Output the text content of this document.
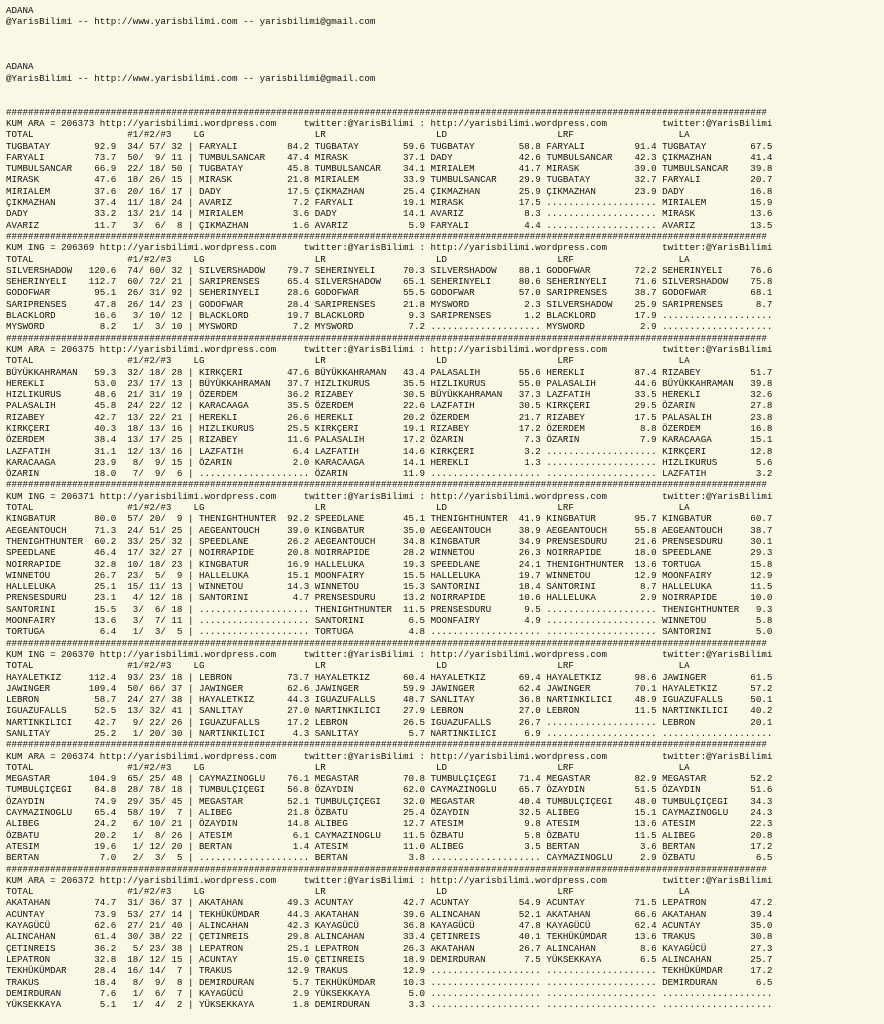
ADANA
@YarisBilimi -- http://www.yarisbilimi.com -- yarisbilimi@gmail.com
ADANA
@YarisBilimi -- http://www.yarisbilimi.com -- yarisbilimi@gmail.com
##########################################################################################################################################
KUM ARA = 206373 http://yarisbilimi.wordpress.com     twitter:@YarisBilimi : http://yarisbilimi.wordpress.com          twitter:@YarisBilimi
TOTAL                 #1/#2/#3    LG                    LR                    LD                    LRF                   LA
TUGBATAY        92.9  34/ 57/ 32 | FARYALI         84.2 TUGBATAY        59.6 TUGBATAY        58.8 FARYALI         91.4 TUGBATAY        67.5
FARYALI         73.7  50/  9/ 11 | TUMBULSANCAR    47.4 MIRASK          37.1 DADY            42.6 TUMBULSANCAR    42.3 ÇIKMAZHAN       41.4
TUMBULSANCAR    66.9  22/ 18/ 50 | TUGBATAY        45.8 TUMBULSANCAR    34.1 MIRIALEM        41.7 MIRASK          39.0 TUMBULSANCAR    39.8
MIRASK          47.6  18/ 26/ 15 | MIRASK          21.8 MIRIALEM        33.9 TUMBULSANCAR    29.9 TUGBATAY        32.7 FARYALI         20.7
MIRIALEM        37.6  20/ 16/ 17 | DADY            17.5 ÇIKMAZHAN       25.4 ÇIKMAZHAN       25.9 ÇIKMAZHAN       23.9 DADY            16.8
ÇIKMAZHAN       37.4  11/ 18/ 24 | AVARIZ           7.2 FARYALI         19.1 MIRASK          17.5 .................... MIRIALEM        15.9
DADY            33.2  13/ 21/ 14 | MIRIALEM         3.6 DADY            14.1 AVARIZ           8.3 .................... MIRASK          13.6
AVARIZ          11.7   3/  6/  8 | ÇIKMAZHAN        1.6 AVARIZ           5.9 FARYALI          4.4 .................... AVARIZ          13.5
##########################################################################################################################################
KUM ING = 206369 http://yarisbilimi.wordpress.com     twitter:@YarisBilimi : http://yarisbilimi.wordpress.com          twitter:@YarisBilimi
TOTAL                 #1/#2/#3    LG                    LR                    LD                    LRF                   LA
SILVERSHADOW   120.6  74/ 60/ 32 | SILVERSHADOW    79.7 SEHERINYELI     70.3 SILVERSHADOW    88.1 GODOFWAR        72.2 SEHERINYELI     76.6
SEHERINYELI    112.7  60/ 72/ 21 | SARIPRENSES     65.4 SILVERSHADOW    65.1 SEHERINYELI     80.6 SEHERINYELI     71.6 SILVERSHADOW    75.8
GODOFWAR        95.1  26/ 31/ 92 | SEHERINYELI     28.6 GODOFWAR        55.5 GODOFWAR        57.0 SARIPRENSES     38.7 GODOFWAR        68.1
SARIPRENSES     47.8  26/ 14/ 23 | GODOFWAR        28.4 SARIPRENSES     21.8 MYSWORD          2.3 SILVERSHADOW    25.9 SARIPRENSES      8.7
BLACKLORD       16.6   3/ 10/ 12 | BLACKLORD       19.7 BLACKLORD        9.3 SARIPRENSES      1.2 BLACKLORD       17.9 ....................
MYSWORD          8.2   1/  3/ 10 | MYSWORD          7.2 MYSWORD          7.2 .................... MYSWORD          2.9 ....................
##########################################################################################################################################
KUM ARA = 206375 http://yarisbilimi.wordpress.com     twitter:@YarisBilimi : http://yarisbilimi.wordpress.com          twitter:@YarisBilimi
TOTAL                 #1/#2/#3    LG                    LR                    LD                    LRF                   LA
BÜYÜKKAHRAMAN   59.3  32/ 18/ 28 | KIRKÇERI        47.6 BÜYÜKKAHRAMAN   43.4 PALASALIH       55.6 HEREKLI         87.4 RIZABEY         51.7
HEREKLI         53.0  23/ 17/ 13 | BÜYÜKKAHRAMAN   37.7 HIZLIKURUS      35.5 HIZLIKURUS      55.0 PALASALIH       44.6 BÜYÜKKAHRAMAN   39.8
HIZLIKURUS      48.6  21/ 31/ 19 | ÖZERDEM         36.2 RIZABEY         30.5 BÜYÜKKAHRAMAN   37.3 LAZFATIH        33.5 HEREKLI         32.6
PALASALIH       45.8  24/ 22/ 12 | KARACAAGA       35.5 ÖZERDEM         22.6 LAZFATIH        30.5 KIRKÇERI        29.5 ÖZARIN          27.8
RIZABEY         42.7  13/ 22/ 21 | HEREKLI         26.6 HEREKLI         20.2 ÖZERDEM         21.7 RIZABEY         17.5 PALASALIH       23.8
KIRKÇERI        40.3  18/ 13/ 16 | HIZLIKURUS      25.5 KIRKÇERI        19.1 RIZABEY         17.2 ÖZERDEM          8.8 ÖZERDEM         16.8
ÖZERDEM         38.4  13/ 17/ 25 | RIZABEY         11.6 PALASALIH       17.2 ÖZARIN           7.3 ÖZARIN           7.9 KARACAAGA       15.1
LAZFATIH        31.1  12/ 13/ 16 | LAZFATIH         6.4 LAZFATIH        14.6 KIRKÇERI         3.2 .................... KIRKÇERI        12.8
KARACAAGA       23.9   8/  9/ 15 | ÖZARIN           2.0 KARACAAGA       14.1 HEREKLI          1.3 .................... HIZLIKURUS       5.6
ÖZARIN          18.0   7/  9/  6 | .................... ÖZARIN          11.9 .................... .................... LAZFATIH         3.2
##########################################################################################################################################
KUM ING = 206371 http://yarisbilimi.wordpress.com     twitter:@YarisBilimi : http://yarisbilimi.wordpress.com          twitter:@YarisBilimi
TOTAL                 #1/#2/#3    LG                    LR                    LD                    LRF                   LA
KINGBATUR       80.0  57/ 20/  9 | THENIGHTHUNTER  92.2 SPEEDLANE       45.1 THENIGHTHUNTER  41.9 KINGBATUR       95.7 KINGBATUR       60.7
AEGEANTOUCH     71.3  24/ 51/ 25 | AEGEANTOUCH     39.0 KINGBATUR       35.0 AEGEANTOUCH     38.9 AEGEANTOUCH     55.8 AEGEANTOUCH     38.7
THENIGHTHUNTER  60.2  33/ 25/ 32 | SPEEDLANE       26.2 AEGEANTOUCH     34.8 KINGBATUR       34.9 PRENSESDURU     21.6 PRENSESDURU     30.1
SPEEDLANE       46.4  17/ 32/ 27 | NOIRRAPIDE      20.8 NOIRRAPIDE      28.2 WINNETOU        26.3 NOIRRAPIDE      18.0 SPEEDLANE       29.3
NOIRRAPIDE      32.8  10/ 18/ 23 | KINGBATUR       16.9 HALLELUKA       19.3 SPEEDLANE       24.1 THENIGHTHUNTER  13.6 TORTUGA         15.8
WINNETOU        26.7  23/  5/  9 | HALLELUKA       15.1 MOONFAIRY       15.5 HALLELUKA       19.7 WINNETOU        12.9 MOONFAIRY       12.9
HALLELUKA       25.1  15/ 11/ 13 | WINNETOU        14.3 WINNETOU        15.3 SANTORINI       18.4 SANTORINI        8.7 HALLELUKA       11.5
PRENSESDURU     23.1   4/ 12/ 18 | SANTORINI        4.7 PRENSESDURU     13.2 NOIRRAPIDE      10.6 HALLELUKA        2.9 NOIRRAPIDE      10.0
SANTORINI       15.5   3/  6/ 18 | .................... THENIGHTHUNTER  11.5 PRENSESDURU      9.5 .................... THENIGHTHUNTER   9.3
MOONFAIRY       13.6   3/  7/ 11 | .................... SANTORINI        6.5 MOONFAIRY        4.9 .................... WINNETOU         5.8
TORTUGA          6.4   1/  3/  5 | .................... TORTUGA          4.8 .................... .................... SANTORINI        5.0
##########################################################################################################################################
KUM ING = 206370 http://yarisbilimi.wordpress.com     twitter:@YarisBilimi : http://yarisbilimi.wordpress.com          twitter:@YarisBilimi
TOTAL                 #1/#2/#3    LG                    LR                    LD                    LRF                   LA
HAYALETKIZ     112.4  93/ 23/ 18 | LEBRON          73.7 HAYALETKIZ      60.4 HAYALETKIZ      69.4 HAYALETKIZ      98.6 JAWINGER        61.5
JAWINGER       109.4  50/ 66/ 37 | JAWINGER        62.6 JAWINGER        59.9 JAWINGER        62.4 JAWINGER        70.1 HAYALETKIZ      57.2
LEBRON          58.7  24/ 27/ 38 | HAYALETKIZ      44.3 IGUAZUFALLS     48.7 SANLITAY        36.8 NARTINKILICI    48.9 IGUAZUFALLS     50.1
IGUAZUFALLS     52.5  13/ 32/ 41 | SANLITAY        27.0 NARTINKILICI    27.9 LEBRON          27.0 LEBRON          11.5 NARTINKILICI    40.2
NARTINKILICI    42.7   9/ 22/ 26 | IGUAZUFALLS     17.2 LEBRON          26.5 IGUAZUFALLS     26.7 .................... LEBRON          20.1
SANLITAY        25.2   1/ 20/ 30 | NARTINKILICI     4.3 SANLITAY         5.7 NARTINKILICI     6.9 .................... ....................
##########################################################################################################################################
KUM ARA = 206374 http://yarisbilimi.wordpress.com     twitter:@YarisBilimi : http://yarisbilimi.wordpress.com          twitter:@YarisBilimi
TOTAL                 #1/#2/#3    LG                    LR                    LD                    LRF                   LA
MEGASTAR       104.9  65/ 25/ 48 | CAYMAZINOGLU    76.1 MEGASTAR        70.8 TUMBULÇIÇEGI    71.4 MEGASTAR        82.9 MEGASTAR        52.2
TUMBULÇIÇEGI    84.8  28/ 78/ 18 | TUMBULÇIÇEGI    56.8 ÖZAYDIN         62.0 CAYMAZINOGLU    65.7 ÖZAYDIN         51.5 ÖZAYDIN         51.6
ÖZAYDIN         74.9  29/ 35/ 45 | MEGASTAR        52.1 TUMBULÇIÇEGI    32.0 MEGASTAR        40.4 TUMBULÇIÇEGI    48.0 TUMBULÇIÇEGI    34.3
CAYMAZINOGLU    65.4  58/ 19/  7 | ALIBEG          21.8 ÖZBATU          25.4 ÖZAYDIN         32.5 ALIBEG          15.1 CAYMAZINOGLU    24.3
ALIBEG          24.2   6/ 10/ 21 | ÖZAYDIN         14.8 ALIBEG          12.7 ATESIM           9.8 ATESIM          13.6 ATESIM          22.3
ÖZBATU          20.2   1/  8/ 26 | ATESIM           6.1 CAYMAZINOGLU    11.5 ÖZBATU           5.8 ÖZBATU          11.5 ALIBEG          20.8
ATESIM          19.6   1/ 12/ 20 | BERTAN           1.4 ATESIM          11.0 ALIBEG           3.5 BERTAN           3.6 BERTAN          17.2
BERTAN           7.0   2/  3/  5 | .................... BERTAN           3.8 .................... CAYMAZINOGLU     2.9 ÖZBATU           6.5
##########################################################################################################################################
KUM ARA = 206372 http://yarisbilimi.wordpress.com     twitter:@YarisBilimi : http://yarisbilimi.wordpress.com          twitter:@YarisBilimi
TOTAL                 #1/#2/#3    LG                    LR                    LD                    LRF                   LA
AKATAHAN        74.7  31/ 36/ 37 | AKATAHAN        49.3 ACUNTAY         42.7 ACUNTAY         54.9 ACUNTAY         71.5 LEPATRON        47.2
ACUNTAY         73.9  53/ 27/ 14 | TEKHÜKÜMDAR     44.3 AKATAHAN        39.6 ALINCAHAN       52.1 AKATAHAN        66.6 AKATAHAN        39.4
KAYAGÜCÜ        62.6  27/ 21/ 40 | ALINCAHAN       42.3 KAYAGÜCÜ        36.8 KAYAGÜCÜ        47.8 KAYAGÜCÜ        62.4 ACUNTAY         35.0
ALINCAHAN       61.4  30/ 38/ 22 | ÇETINREIS       29.8 ALINCAHAN       33.4 ÇETINREIS       40.1 TEKHÜKÜMDAR     13.6 TRAKUS          30.8
ÇETINREIS       36.2   5/ 23/ 38 | LEPATRON        25.1 LEPATRON        26.3 AKATAHAN        26.7 ALINCAHAN        8.6 KAYAGÜCÜ        27.3
LEPATRON        32.8  18/ 12/ 15 | ACUNTAY         15.0 ÇETINREIS       18.9 DEMIRDURAN       7.5 YÜKSEKKAYA       6.5 ALINCAHAN       25.7
TEKHÜKÜMDAR     28.4  16/ 14/  7 | TRAKUS          12.9 TRAKUS          12.9 .................... .................... TEKHÜKÜMDAR     17.2
TRAKUS          18.4   8/  9/  8 | DEMIRDURAN       5.7 TEKHÜKÜMDAR     10.3 .................... .................... DEMIRDURAN       6.5
DEMIRDURAN       7.6   1/  6/  7 | KAYAGÜCÜ         2.9 YÜKSEKKAYA       5.0 .................... .................... ....................
YÜKSEKKAYA       5.1   1/  4/  2 | YÜKSEKKAYA       1.8 DEMIRDURAN       3.3 .................... .................... ....................
